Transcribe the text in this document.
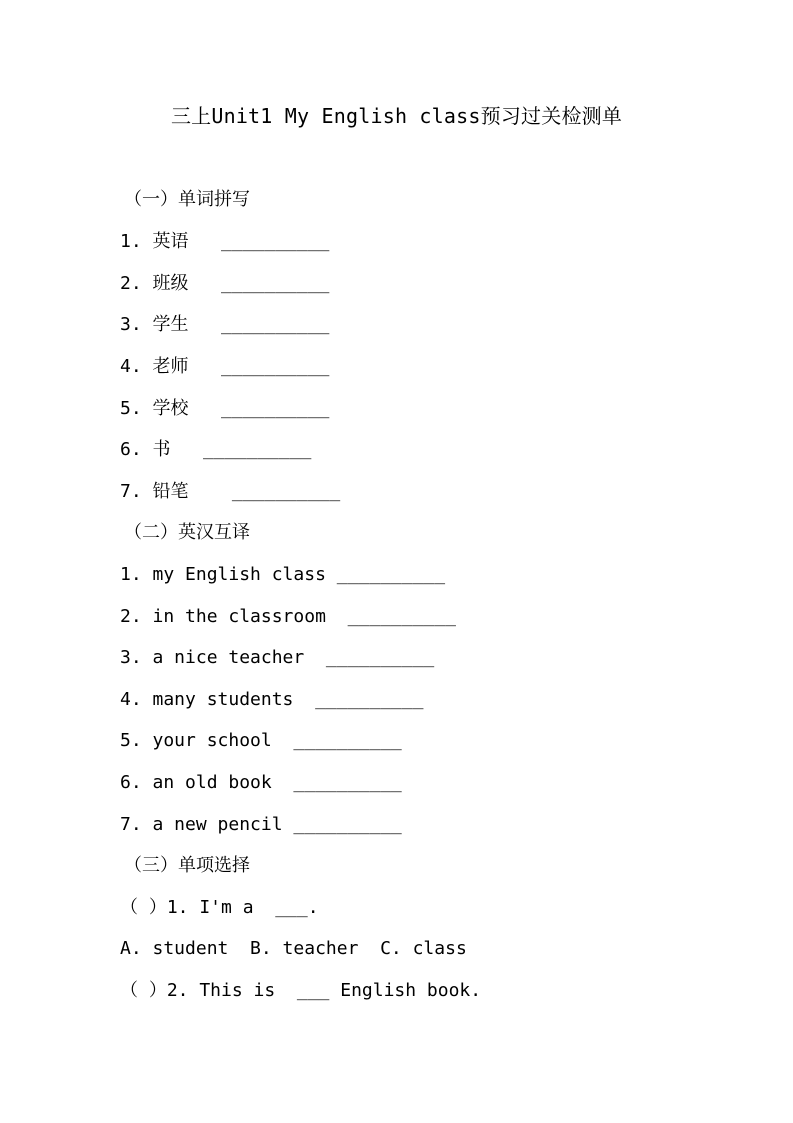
三上Unit1 My English class预习过关检测单
（一）单词拼写
1. 英语   __________
2. 班级   __________
3. 学生   __________
4. 老师   __________
5. 学校   __________
6. 书   __________
7. 铅笔    __________
（二）英汉互译
1. my English class __________
2. in the classroom  __________
3. a nice teacher  __________
4. many students  __________
5. your school  __________
6. an old book  __________
7. a new pencil __________
（三）单项选择
（ ）1. I'm a  ___.
A. student  B. teacher  C. class
（ ）2. This is  ___ English book.
